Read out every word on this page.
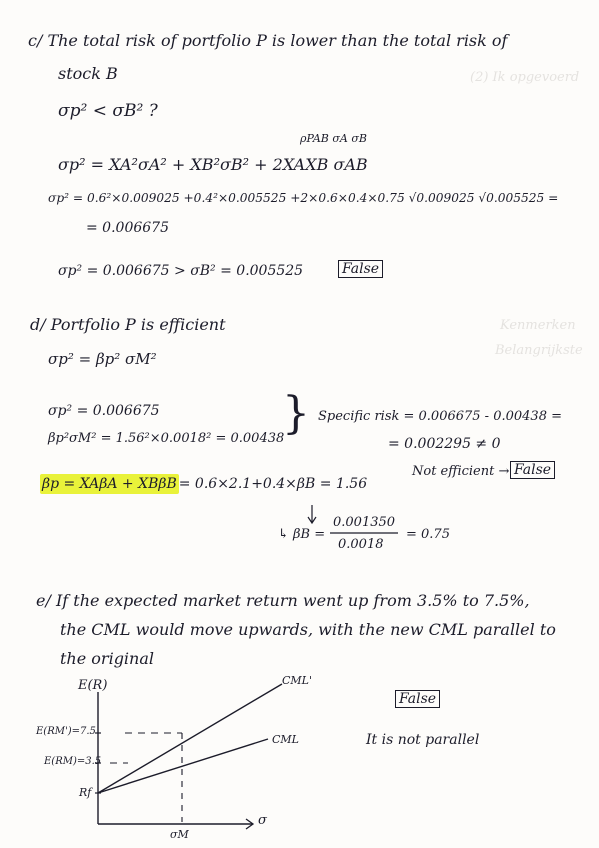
(2) Ik opgevoerd
Kenmerken
Belangrijkste
c/ The total risk of portfolio P is lower than the total risk of
stock B
σp² < σB² ?
ρPAB σA σB
σp² = XA²σA² + XB²σB² + 2XAXB σAB
σp² = 0.6²×0.009025 +0.4²×0.005525 +2×0.6×0.4×0.75 √0.009025 √0.005525 =
= 0.006675
σp² = 0.006675 > σB² = 0.005525	False
d/ Portfolio P is efficient
σp² = βp² σM²
σp² = 0.006675
βp²σM² = 1.56²×0.0018² = 0.00438
} Specific risk = 0.006675 - 0.00438 =
= 0.002295 ≠ 0
Not efficient → False
βp = XAβA + XBβB = 0.6×2.1+0.4×βB = 1.56
↳ βB =
0.001350
0.0018
= 0.75
e/ If the expected market return went up from 3.5% to 7.5%,
the CML would move upwards, with the new CML parallel to
the original
False
It is not parallel
E(R)
σ
CML'
CML
E(RM')=7.5
E(RM)=3.5
Rf
σM
